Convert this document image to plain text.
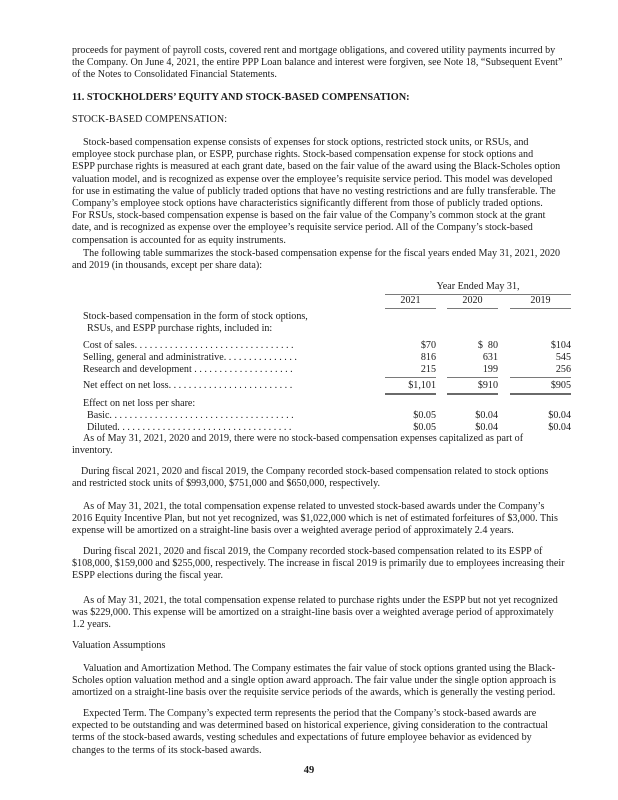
proceeds for payment of payroll costs, covered rent and mortgage obligations, and covered utility payments incurred by
the Company. On June 4, 2021, the entire PPP Loan balance and interest were forgiven, see Note 18, “Subsequent Event”
of the Notes to Consolidated Financial Statements.
11. STOCKHOLDERS’ EQUITY AND STOCK-BASED COMPENSATION:
STOCK-BASED COMPENSATION:
Stock-based compensation expense consists of expenses for stock options, restricted stock units, or RSUs, and
employee stock purchase plan, or ESPP, purchase rights. Stock-based compensation expense for stock options and
ESPP purchase rights is measured at each grant date, based on the fair value of the award using the Black-Scholes option
valuation model, and is recognized as expense over the employee’s requisite service period. This model was developed
for use in estimating the value of publicly traded options that have no vesting restrictions and are fully transferable. The
Company’s employee stock options have characteristics significantly different from those of publicly traded options.
For RSUs, stock-based compensation expense is based on the fair value of the Company’s common stock at the grant
date, and is recognized as expense over the employee’s requisite service period. All of the Company’s stock-based
compensation is accounted for as equity instruments.
The following table summarizes the stock-based compensation expense for the fiscal years ended May 31, 2021, 2020
and 2019 (in thousands, except per share data):
Year Ended May 31,
2021	2020	2019
Stock-based compensation in the form of stock options,
RSUs, and ESPP purchase rights, included in:
Cost of sales. . . . . . . . . . . . . . . . . . . . . . . . . . . . . . . .	$70	$  80	$104
Selling, general and administrative. . . . . . . . . . . . . . .	816	631	545
Research and development . . . . . . . . . . . . . . . . . . . .	215	199	256
Net effect on net loss. . . . . . . . . . . . . . . . . . . . . . . . .	$1,101	$910	$905
Effect on net loss per share:
Basic. . . . . . . . . . . . . . . . . . . . . . . . . . . . . . . . . . . . .	$0.05	$0.04	$0.04
Diluted. . . . . . . . . . . . . . . . . . . . . . . . . . . . . . . . . . .	$0.05	$0.04	$0.04
As of May 31, 2021, 2020 and 2019, there were no stock-based compensation expenses capitalized as part of
inventory.
During fiscal 2021, 2020 and fiscal 2019, the Company recorded stock-based compensation related to stock options
and restricted stock units of $993,000, $751,000 and $650,000, respectively.
As of May 31, 2021, the total compensation expense related to unvested stock-based awards under the Company’s
2016 Equity Incentive Plan, but not yet recognized, was $1,022,000 which is net of estimated forfeitures of $3,000. This
expense will be amortized on a straight-line basis over a weighted average period of approximately 2.4 years.
During fiscal 2021, 2020 and fiscal 2019, the Company recorded stock-based compensation related to its ESPP of
$108,000, $159,000 and $255,000, respectively. The increase in fiscal 2019 is primarily due to employees increasing their
ESPP elections during the fiscal year.
As of May 31, 2021, the total compensation expense related to purchase rights under the ESPP but not yet recognized
was $229,000. This expense will be amortized on a straight-line basis over a weighted average period of approximately
1.2 years.
Valuation Assumptions
Valuation and Amortization Method. The Company estimates the fair value of stock options granted using the Black-
Scholes option valuation method and a single option award approach. The fair value under the single option approach is
amortized on a straight-line basis over the requisite service periods of the awards, which is generally the vesting period.
Expected Term. The Company’s expected term represents the period that the Company’s stock-based awards are
expected to be outstanding and was determined based on historical experience, giving consideration to the contractual
terms of the stock-based awards, vesting schedules and expectations of future employee behavior as evidenced by
changes to the terms of its stock-based awards.
49
